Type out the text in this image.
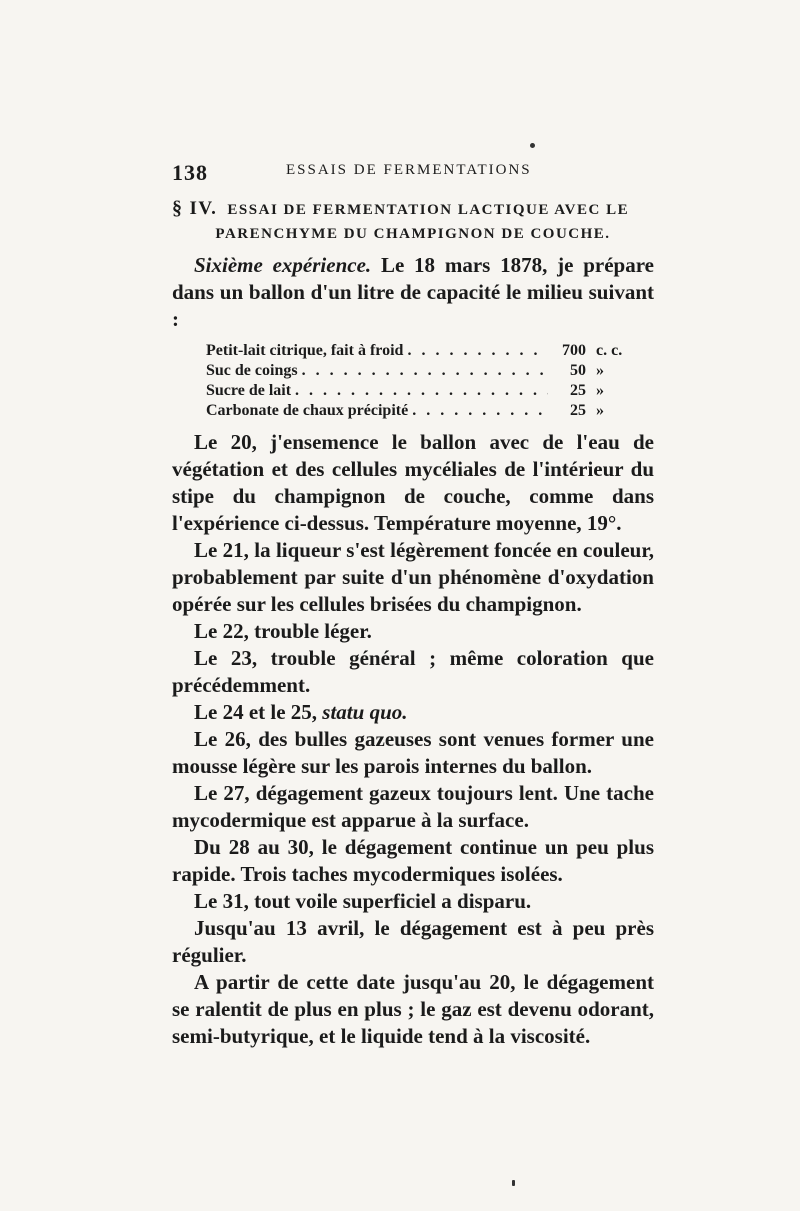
138	ESSAIS DE FERMENTATIONS
§ IV. ESSAI DE FERMENTATION LACTIQUE AVEC LE
PARENCHYME DU CHAMPIGNON DE COUCHE.

Sixième expérience. Le 18 mars 1878, je prépare dans un ballon d'un litre de capacité le milieu suivant :

Petit-lait citrique, fait à froid . . .	700 c. c.
Suc de coings . . .	50 »
Sucre de lait . . .	25 »
Carbonate de chaux précipité . . .	25 »

Le 20, j'ensemence le ballon avec de l'eau de végétation et des cellules mycéliales de l'intérieur du stipe du champignon de couche, comme dans l'expérience ci-dessus. Température moyenne, 19°.

Le 21, la liqueur s'est légèrement foncée en couleur, probablement par suite d'un phénomène d'oxydation opérée sur les cellules brisées du champignon.

Le 22, trouble léger.

Le 23, trouble général ; même coloration que précédemment.

Le 24 et le 25, statu quo.

Le 26, des bulles gazeuses sont venues former une mousse légère sur les parois internes du ballon.

Le 27, dégagement gazeux toujours lent. Une tache mycodermique est apparue à la surface.

Du 28 au 30, le dégagement continue un peu plus rapide. Trois taches mycodermiques isolées.

Le 31, tout voile superficiel a disparu.

Jusqu'au 13 avril, le dégagement est à peu près régulier.

A partir de cette date jusqu'au 20, le dégagement se ralentit de plus en plus ; le gaz est devenu odorant, semi-butyrique, et le liquide tend à la viscosité.
